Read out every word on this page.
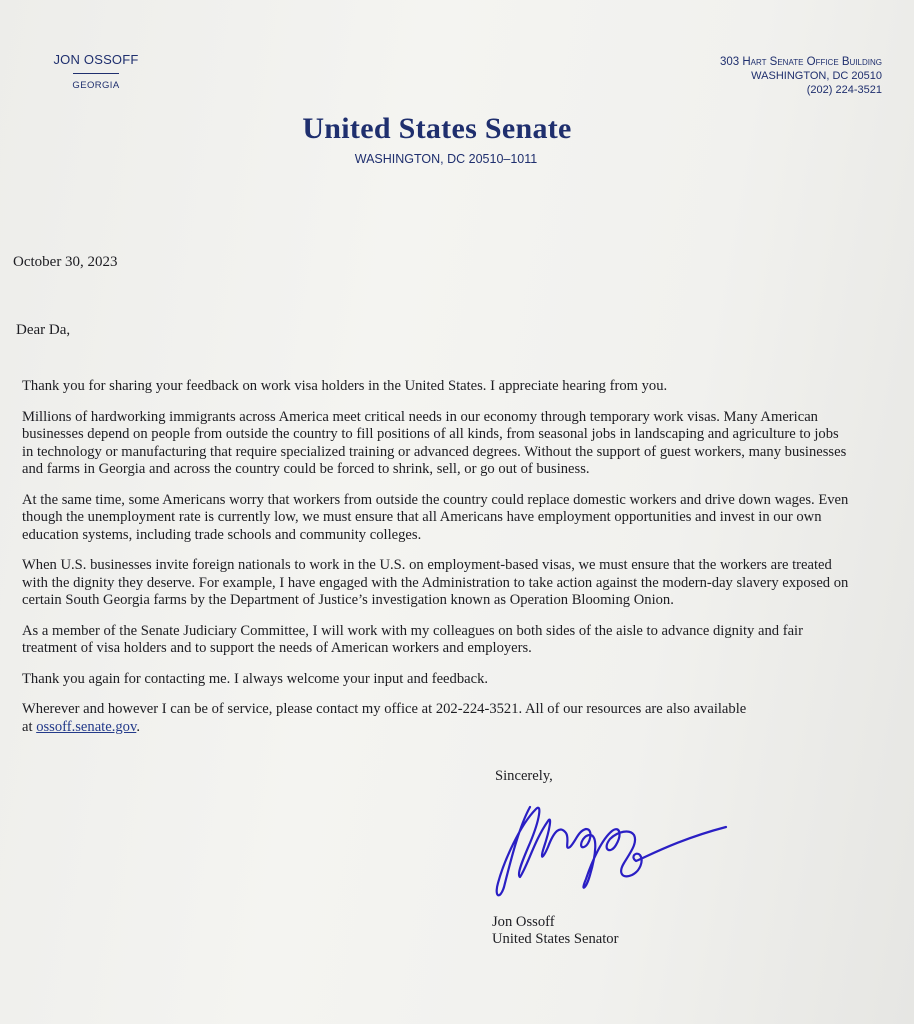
JON OSSOFF
GEORGIA
303 Hart Senate Office Building
WASHINGTON, DC 20510
(202) 224-3521
United States Senate
WASHINGTON, DC 20510–1011
October 30, 2023
Dear Da,

Thank you for sharing your feedback on work visa holders in the United States. I appreciate hearing from you.

Millions of hardworking immigrants across America meet critical needs in our economy through temporary work visas. Many American
businesses depend on people from outside the country to fill positions of all kinds, from seasonal jobs in landscaping and agriculture to jobs
in technology or manufacturing that require specialized training or advanced degrees. Without the support of guest workers, many businesses
and farms in Georgia and across the country could be forced to shrink, sell, or go out of business.

At the same time, some Americans worry that workers from outside the country could replace domestic workers and drive down wages. Even
though the unemployment rate is currently low, we must ensure that all Americans have employment opportunities and invest in our own
education systems, including trade schools and community colleges.

When U.S. businesses invite foreign nationals to work in the U.S. on employment-based visas, we must ensure that the workers are treated
with the dignity they deserve. For example, I have engaged with the Administration to take action against the modern-day slavery exposed on
certain South Georgia farms by the Department of Justice’s investigation known as Operation Blooming Onion.

As a member of the Senate Judiciary Committee, I will work with my colleagues on both sides of the aisle to advance dignity and fair
treatment of visa holders and to support the needs of American workers and employers.

Thank you again for contacting me. I always welcome your input and feedback.

Wherever and however I can be of service, please contact my office at 202-224-3521. All of our resources are also available
at ossoff.senate.gov.

Sincerely,
Jon Ossoff
United States Senator
